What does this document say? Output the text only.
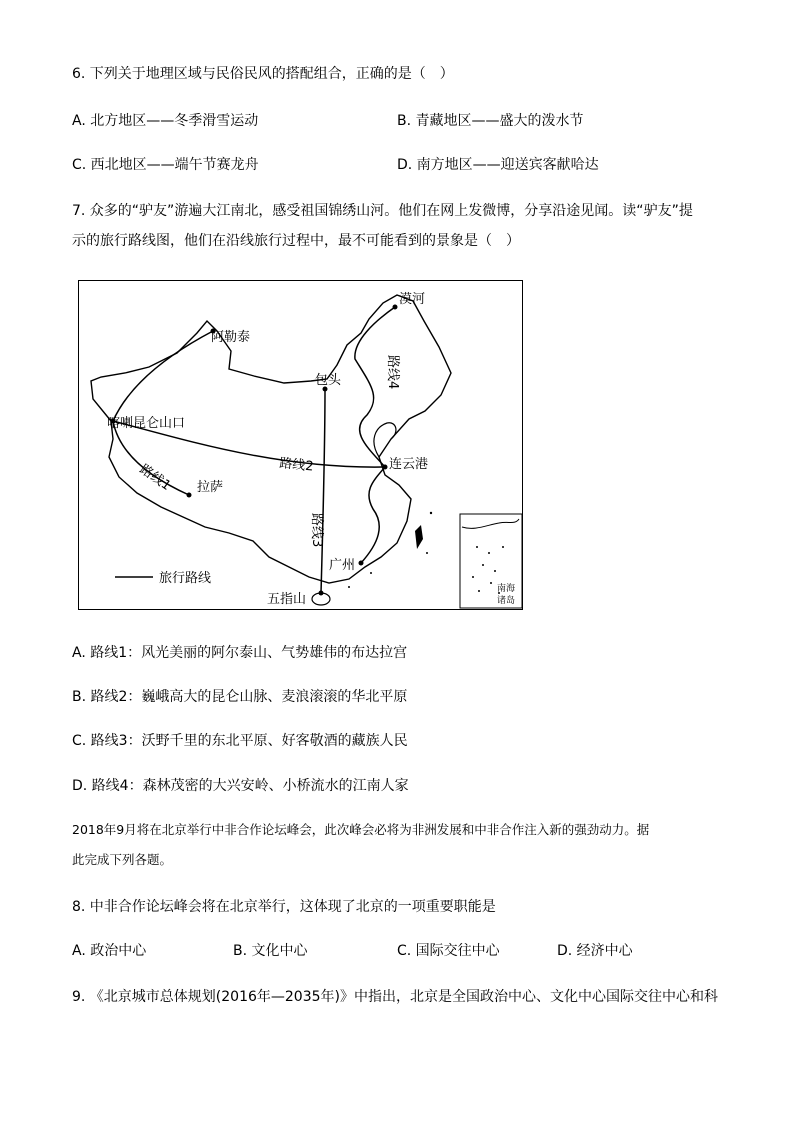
6. 下列关于地理区域与民俗民风的搭配组合，正确的是（　）
A. 北方地区——冬季滑雪运动	B. 青藏地区——盛大的泼水节
C. 西北地区——端午节赛龙舟	D. 南方地区——迎送宾客献哈达
7. 众多的“驴友”游遍大江南北，感受祖国锦绣山河。他们在网上发微博，分享沿途见闻。读“驴友”提
示的旅行路线图，他们在沿线旅行过程中，最不可能看到的景象是（　）
漠河
阿勒泰
包头
喀喇昆仑山口
连云港
拉萨
广州
五指山
路线1	路线2
路线3
路线4
旅行路线
南海
诸岛
A. 路线1：风光美丽的阿尔泰山、气势雄伟的布达拉宫
B. 路线2：巍峨高大的昆仑山脉、麦浪滚滚的华北平原
C. 路线3：沃野千里的东北平原、好客敬酒的藏族人民
D. 路线4：森林茂密的大兴安岭、小桥流水的江南人家
2018年9月将在北京举行中非合作论坛峰会，此次峰会必将为非洲发展和中非合作注入新的强劲动力。据
此完成下列各题。
8. 中非合作论坛峰会将在北京举行，这体现了北京的一项重要职能是
A. 政治中心	B. 文化中心	C. 国际交往中心	D. 经济中心
9. 《北京城市总体规划(2016年—2035年)》中指出，北京是全国政治中心、文化中心国际交往中心和科
